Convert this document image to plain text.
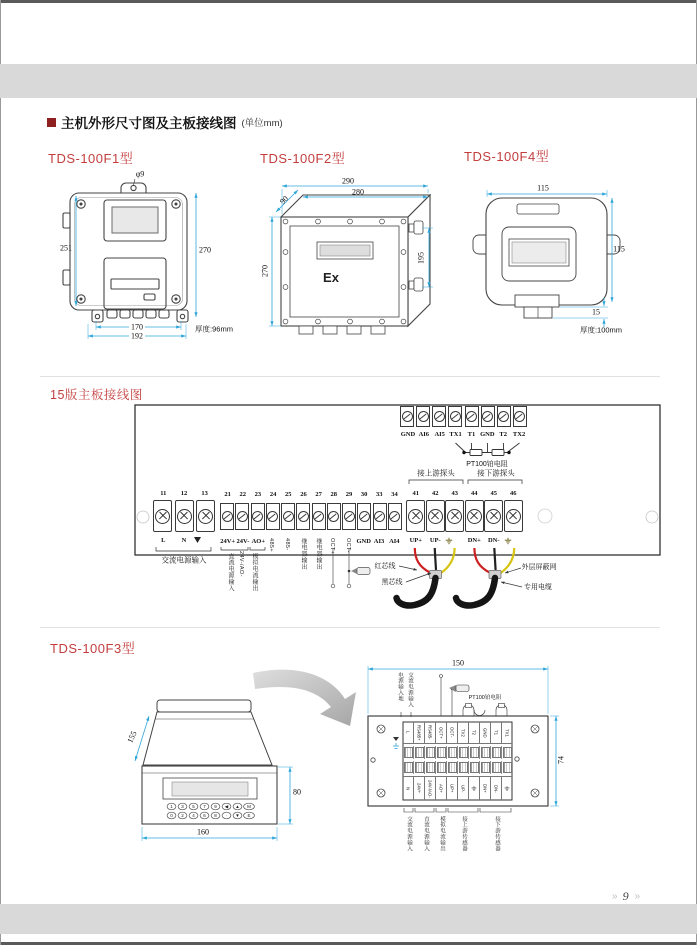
主机外形尺寸图及主板接线图 (单位mm)
TDS-100F1型	TDS-100F2型	TDS-100F4型
15版主板接线图
TDS-100F3型
Ex
1 3 5 7 9 ◀ ▲ M
0 2 4 6 8 · ▼ E
φ9
251	270
170
192
厚度:96mm
290
280
90
270
195
115
115
15
厚度:100mm
155
80
160
150
74
GND AI6 AI5 TX1 T1 GND T2 TX2
PT100铂电阻
接上游探头	接下游探头
11	12	13
L	N
交流电源输入
21	22	23	24	25	26	27	28	29	30	33	34
24V+ 24V- AO+	GND AI3 AI4
直流电源输入 24V-/AO- 模拟电流输出
485+ 485- 继电器输出	继电器输出	OCT+ OCT-
41	42	43	44	45	46
UP+	UP-	DN+	DN-
红芯线
黑芯线
外层屏蔽网
专用电缆
L	RS485+	RS485-	OCT+	OCT-	TX2	T2	GND	T1	TX1
N	24V+	24V-/AO-	AO+	UP+	UP-	DN+	DN-
电源输入地 交流电源输入	PT100铂电阻
交流电源输入 直流电源输入 模拟电流输出	接上游传感器	接下游传感器
» 9 »
